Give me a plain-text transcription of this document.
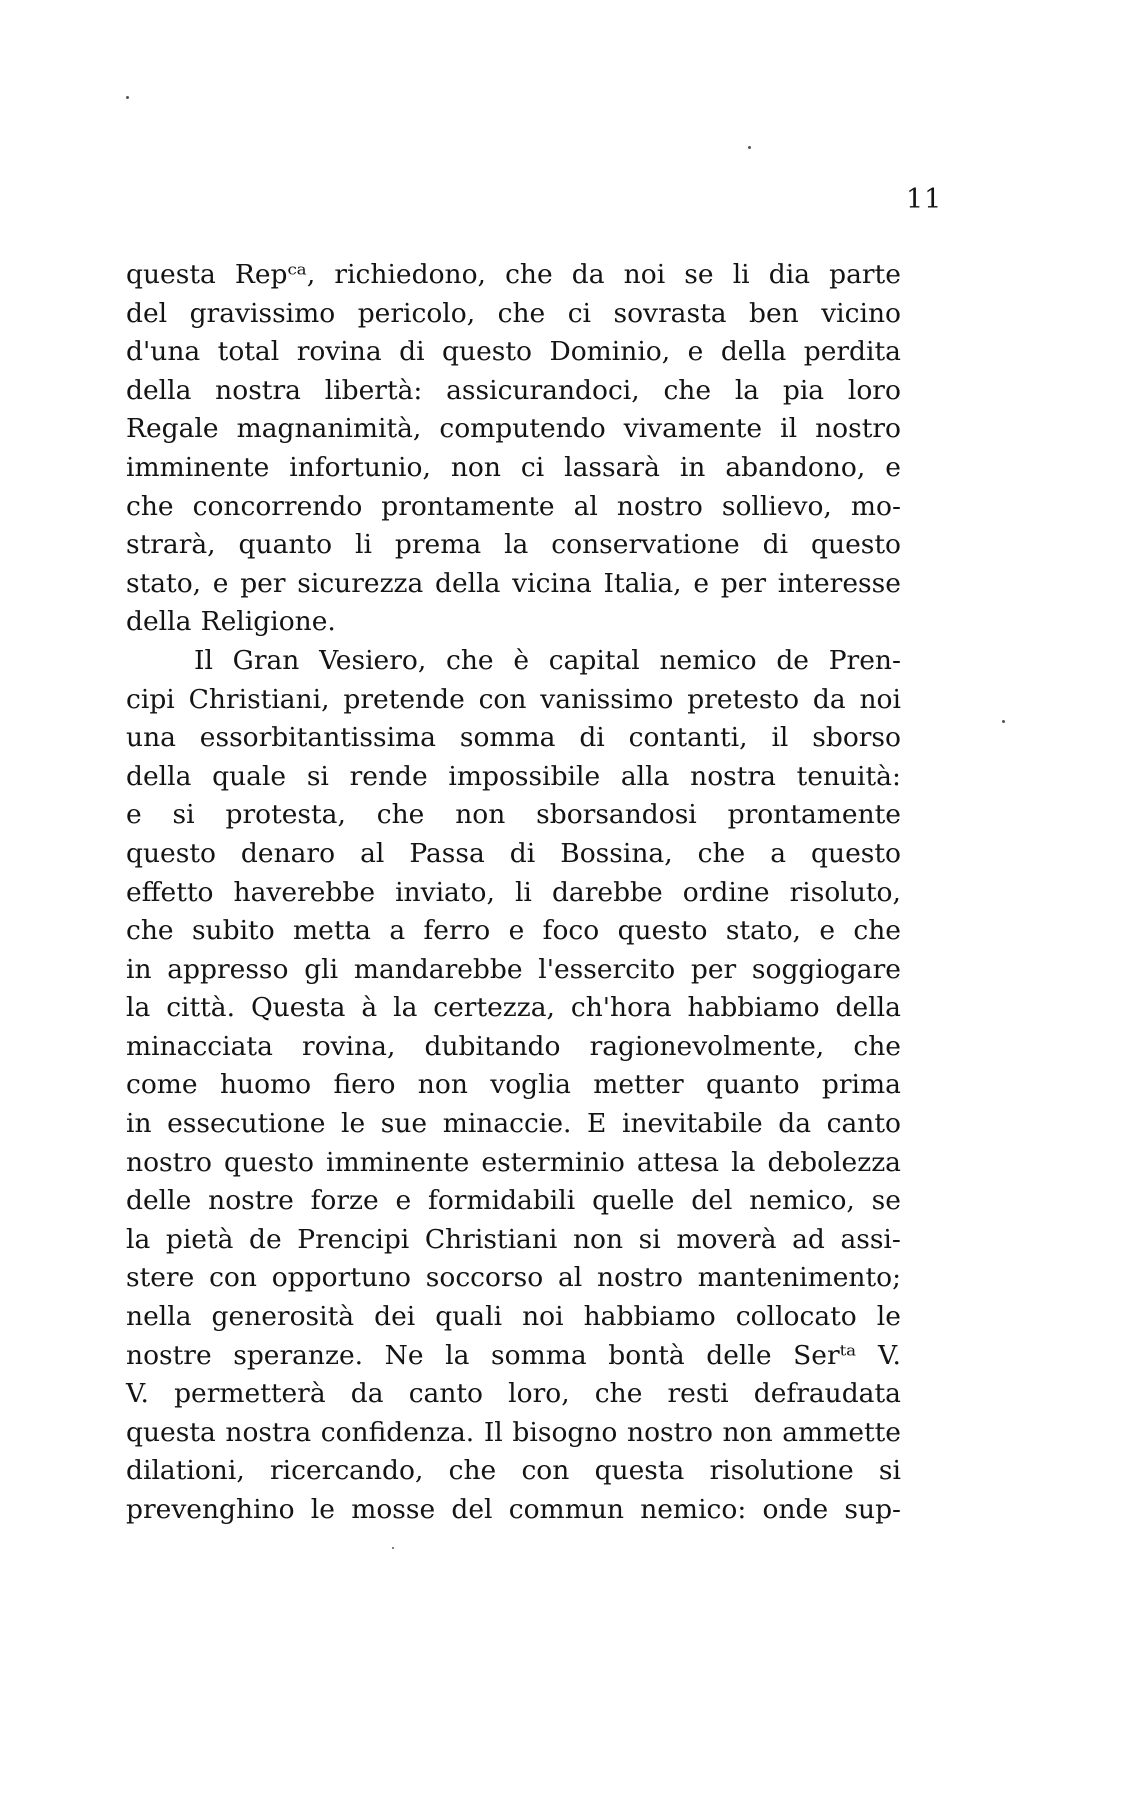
11
questa Repᶜᵃ, richiedono, che da noi se li dia parte
del gravissimo pericolo, che ci sovrasta ben vicino
d'una total rovina di questo Dominio, e della perdita
della nostra libertà: assicurandoci, che la pia loro
Regale magnanimità, computendo vivamente il nostro
imminente infortunio, non ci lassarà in abandono, e
che concorrendo prontamente al nostro sollievo, mo-
strarà, quanto li prema la conservatione di questo
stato, e per sicurezza della vicina Italia, e per interesse
della Religione.
Il Gran Vesiero, che è capital nemico de Pren-
cipi Christiani, pretende con vanissimo pretesto da noi
una essorbitantissima somma di contanti, il sborso
della quale si rende impossibile alla nostra tenuità:
e si protesta, che non sborsandosi prontamente
questo denaro al Passa di Bossina, che a questo
effetto haverebbe inviato, li darebbe ordine risoluto,
che subito metta a ferro e foco questo stato, e che
in appresso gli mandarebbe l'essercito per soggiogare
la città. Questa à la certezza, ch'hora habbiamo della
minacciata rovina, dubitando ragionevolmente, che
come huomo fiero non voglia metter quanto prima
in essecutione le sue minaccie. E inevitabile da canto
nostro questo imminente esterminio attesa la debolezza
delle nostre forze e formidabili quelle del nemico, se
la pietà de Prencipi Christiani non si moverà ad assi-
stere con opportuno soccorso al nostro mantenimento;
nella generosità dei quali noi habbiamo collocato le
nostre speranze. Ne la somma bontà delle Serᵗᵃ V.
V. permetterà da canto loro, che resti defraudata
questa nostra confidenza. Il bisogno nostro non ammette
dilationi, ricercando, che con questa risolutione si
prevenghino le mosse del commun nemico: onde sup-
